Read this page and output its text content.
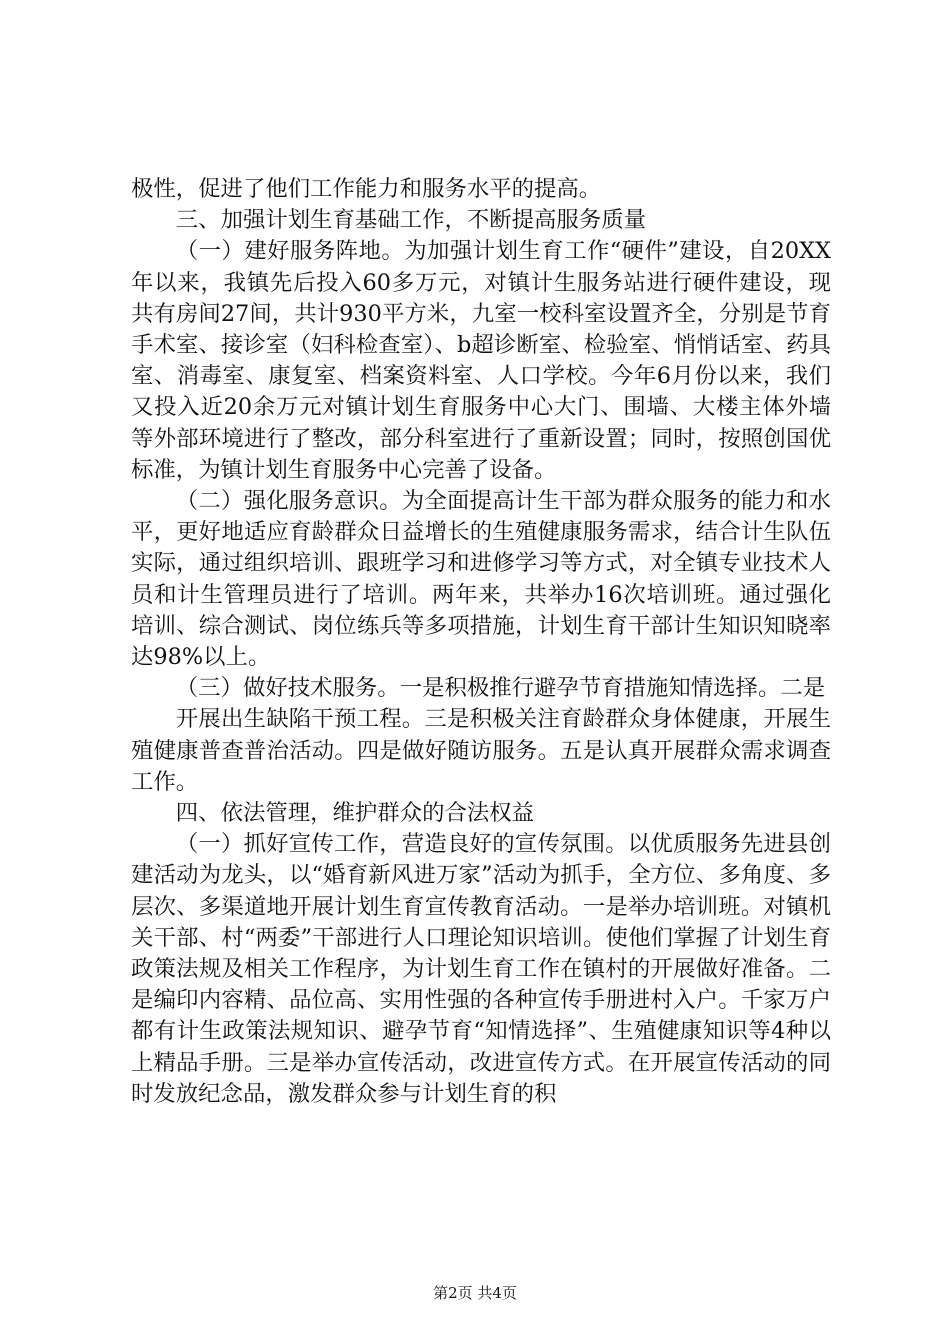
极性，促进了他们工作能力和服务水平的提高。

三、加强计划生育基础工作，不断提高服务质量

（一）建好服务阵地。为加强计划生育工作“硬件”建设，自20XX年以来，我镇先后投入60多万元，对镇计生服务站进行硬件建设，现共有房间27间，共计930平方米，九室一校科室设置齐全，分别是节育手术室、接诊室（妇科检查室）、b超诊断室、检验室、悄悄话室、药具室、消毒室、康复室、档案资料室、人口学校。今年6月份以来，我们又投入近20余万元对镇计划生育服务中心大门、围墙、大楼主体外墙等外部环境进行了整改，部分科室进行了重新设置；同时，按照创国优标准，为镇计划生育服务中心完善了设备。

（二）强化服务意识。为全面提高计生干部为群众服务的能力和水平，更好地适应育龄群众日益增长的生殖健康服务需求，结合计生队伍实际，通过组织培训、跟班学习和进修学习等方式，对全镇专业技术人员和计生管理员进行了培训。两年来，共举办16次培训班。通过强化培训、综合测试、岗位练兵等多项措施，计划生育干部计生知识知晓率达98%以上。

（三）做好技术服务。一是积极推行避孕节育措施知情选择。二是

开展出生缺陷干预工程。三是积极关注育龄群众身体健康，开展生殖健康普查普治活动。四是做好随访服务。五是认真开展群众需求调查工作。

四、依法管理，维护群众的合法权益

（一）抓好宣传工作，营造良好的宣传氛围。以优质服务先进县创建活动为龙头，以“婚育新风进万家”活动为抓手，全方位、多角度、多层次、多渠道地开展计划生育宣传教育活动。一是举办培训班。对镇机关干部、村“两委”干部进行人口理论知识培训。使他们掌握了计划生育政策法规及相关工作程序，为计划生育工作在镇村的开展做好准备。二是编印内容精、品位高、实用性强的各种宣传手册进村入户。千家万户都有计生政策法规知识、避孕节育“知情选择”、生殖健康知识等4种以上精品手册。三是举办宣传活动，改进宣传方式。在开展宣传活动的同时发放纪念品，激发群众参与计划生育的积

第2页 共4页
